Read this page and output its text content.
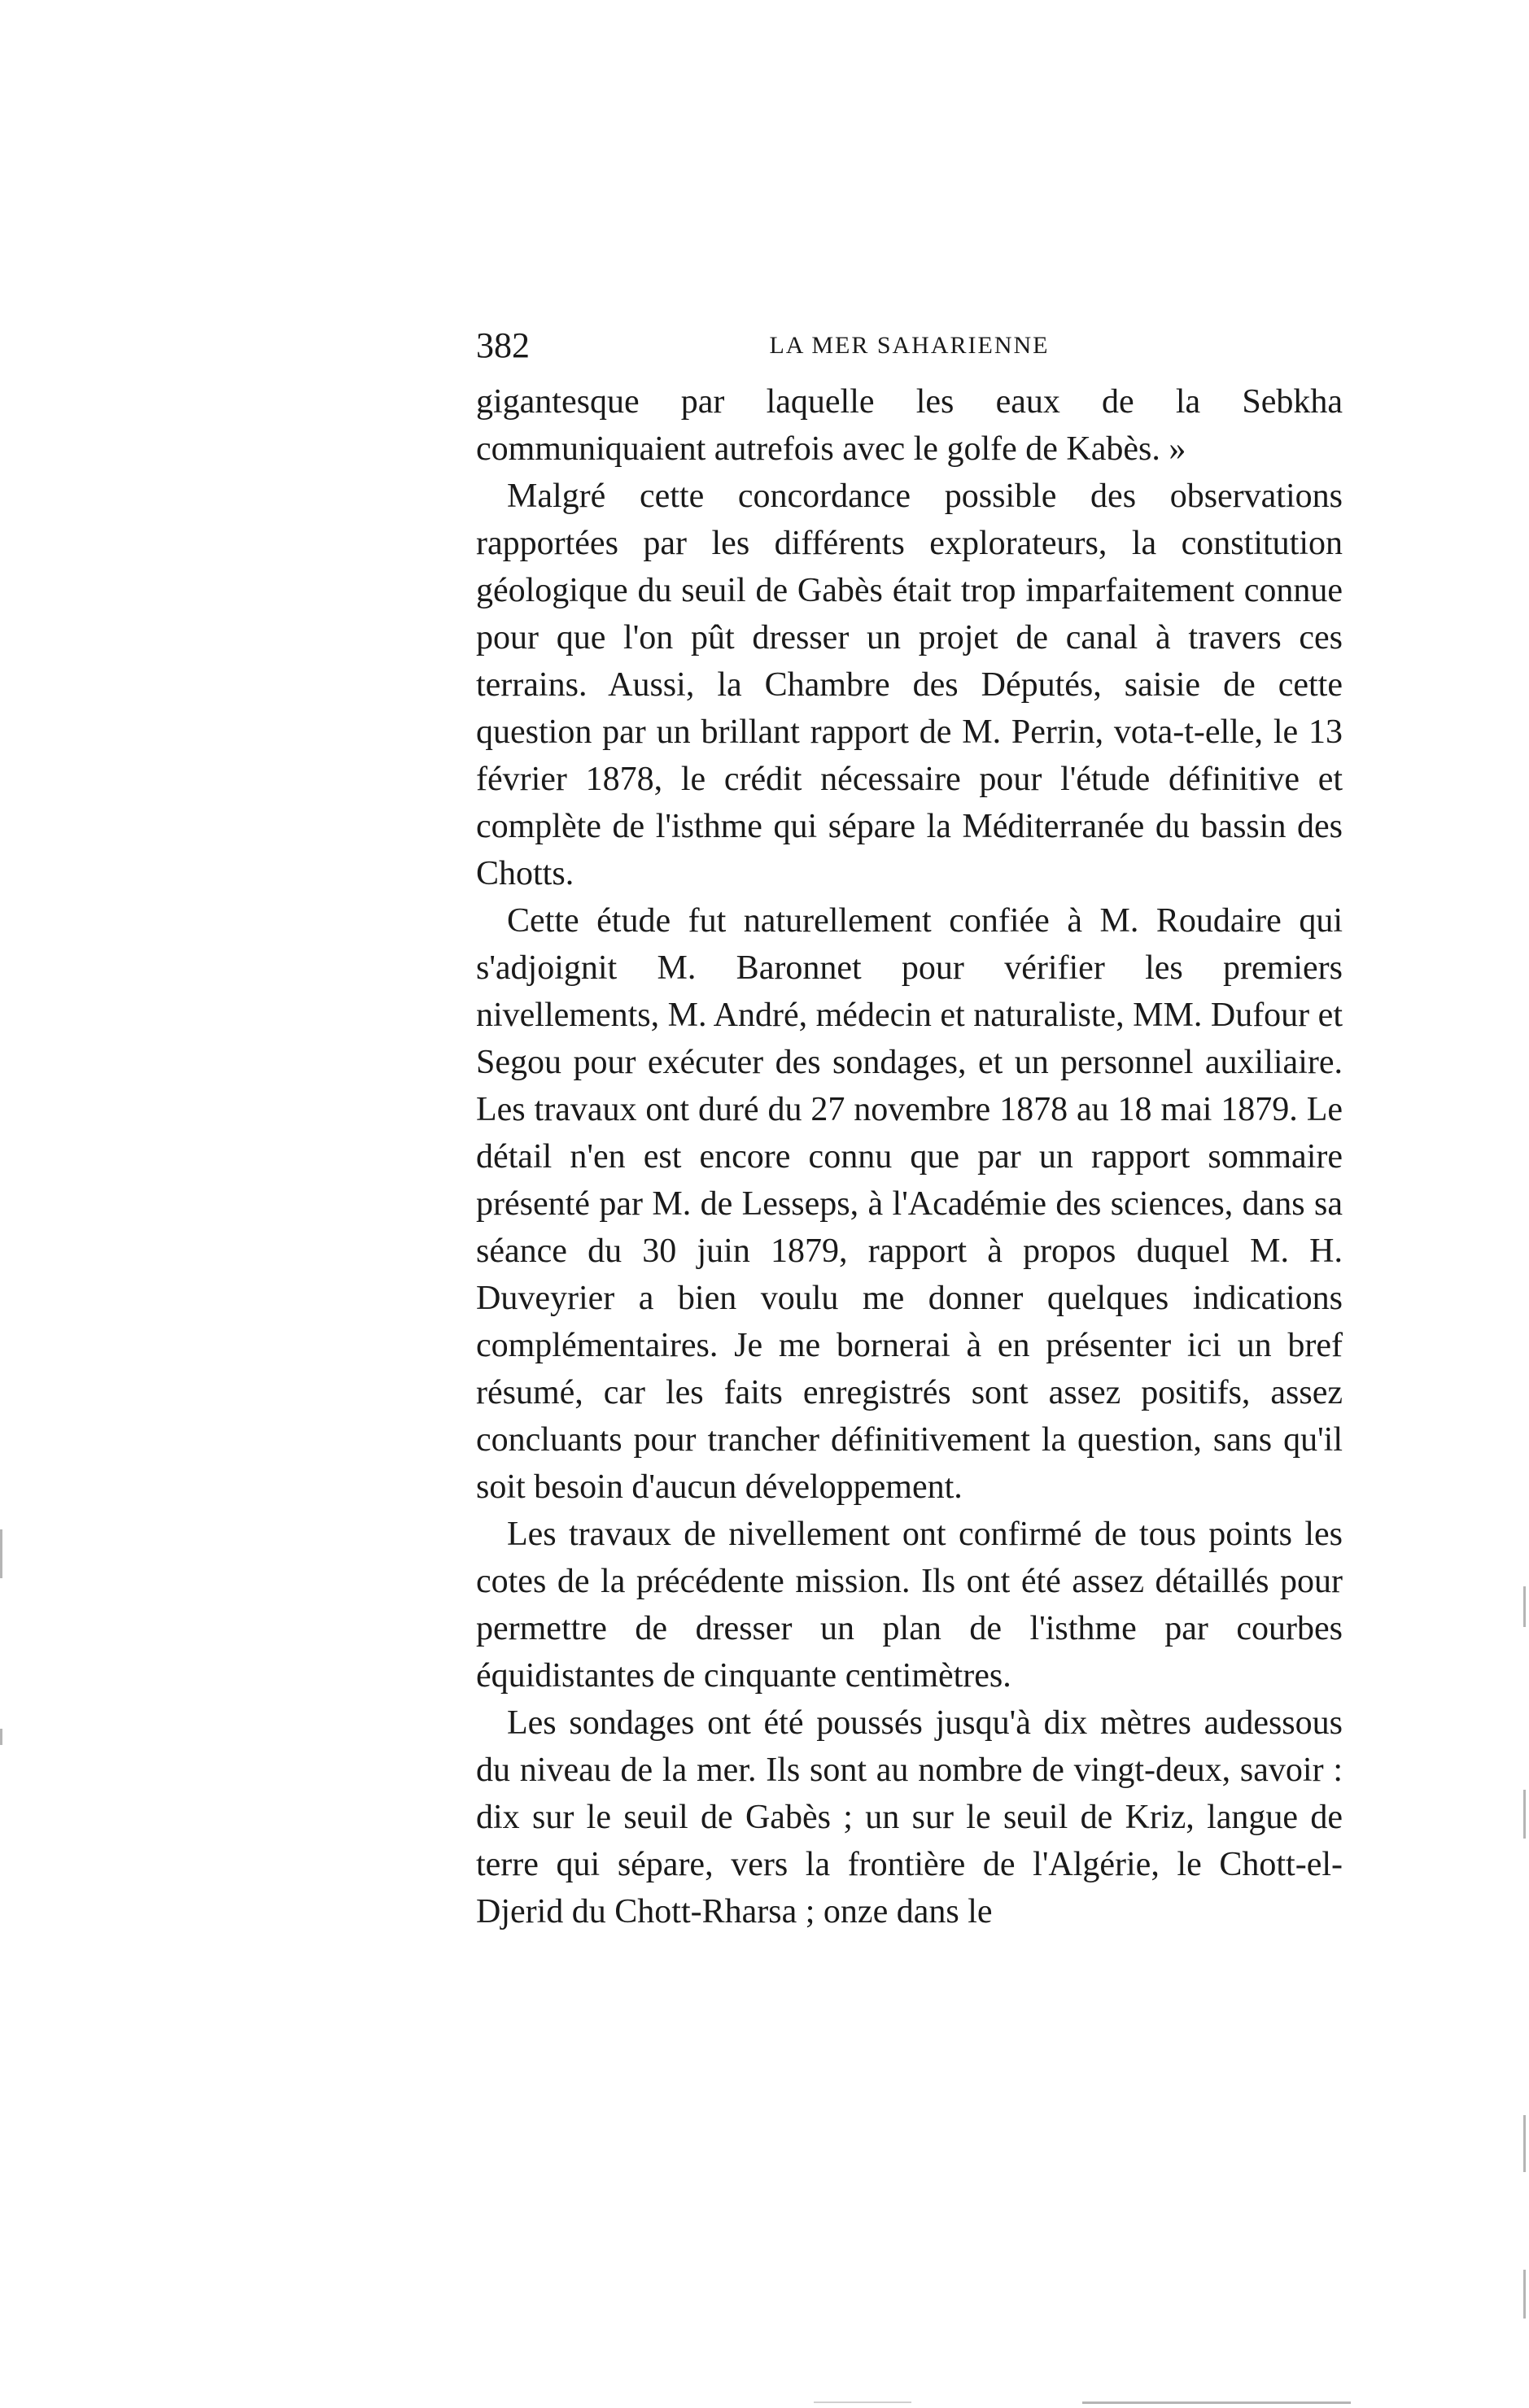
382	LA MER SAHARIENNE

gigantesque par laquelle les eaux de la Sebkha communiquaient autrefois avec le golfe de Kabès. »

Malgré cette concordance possible des observations rapportées par les différents explorateurs, la constitution géologique du seuil de Gabès était trop imparfaitement connue pour que l'on pût dresser un projet de canal à travers ces terrains. Aussi, la Chambre des Députés, saisie de cette question par un brillant rapport de M. Perrin, vota-t-elle, le 13 février 1878, le crédit nécessaire pour l'étude définitive et complète de l'isthme qui sépare la Méditerranée du bassin des Chotts.

Cette étude fut naturellement confiée à M. Roudaire qui s'adjoignit M. Baronnet pour vérifier les premiers nivellements, M. André, médecin et naturaliste, MM. Dufour et Segou pour exécuter des sondages, et un personnel auxiliaire. Les travaux ont duré du 27 novembre 1878 au 18 mai 1879. Le détail n'en est encore connu que par un rapport sommaire présenté par M. de Lesseps, à l'Académie des sciences, dans sa séance du 30 juin 1879, rapport à propos duquel M. H. Duveyrier a bien voulu me donner quelques indications complémentaires. Je me bornerai à en présenter ici un bref résumé, car les faits enregistrés sont assez positifs, assez concluants pour trancher définitivement la question, sans qu'il soit besoin d'aucun développement.

Les travaux de nivellement ont confirmé de tous points les cotes de la précédente mission. Ils ont été assez détaillés pour permettre de dresser un plan de l'isthme par courbes équidistantes de cinquante centimètres.

Les sondages ont été poussés jusqu'à dix mètres audessous du niveau de la mer. Ils sont au nombre de vingt-deux, savoir : dix sur le seuil de Gabès ; un sur le seuil de Kriz, langue de terre qui sépare, vers la frontière de l'Algérie, le Chott-el-Djerid du Chott-Rharsa ; onze dans le
